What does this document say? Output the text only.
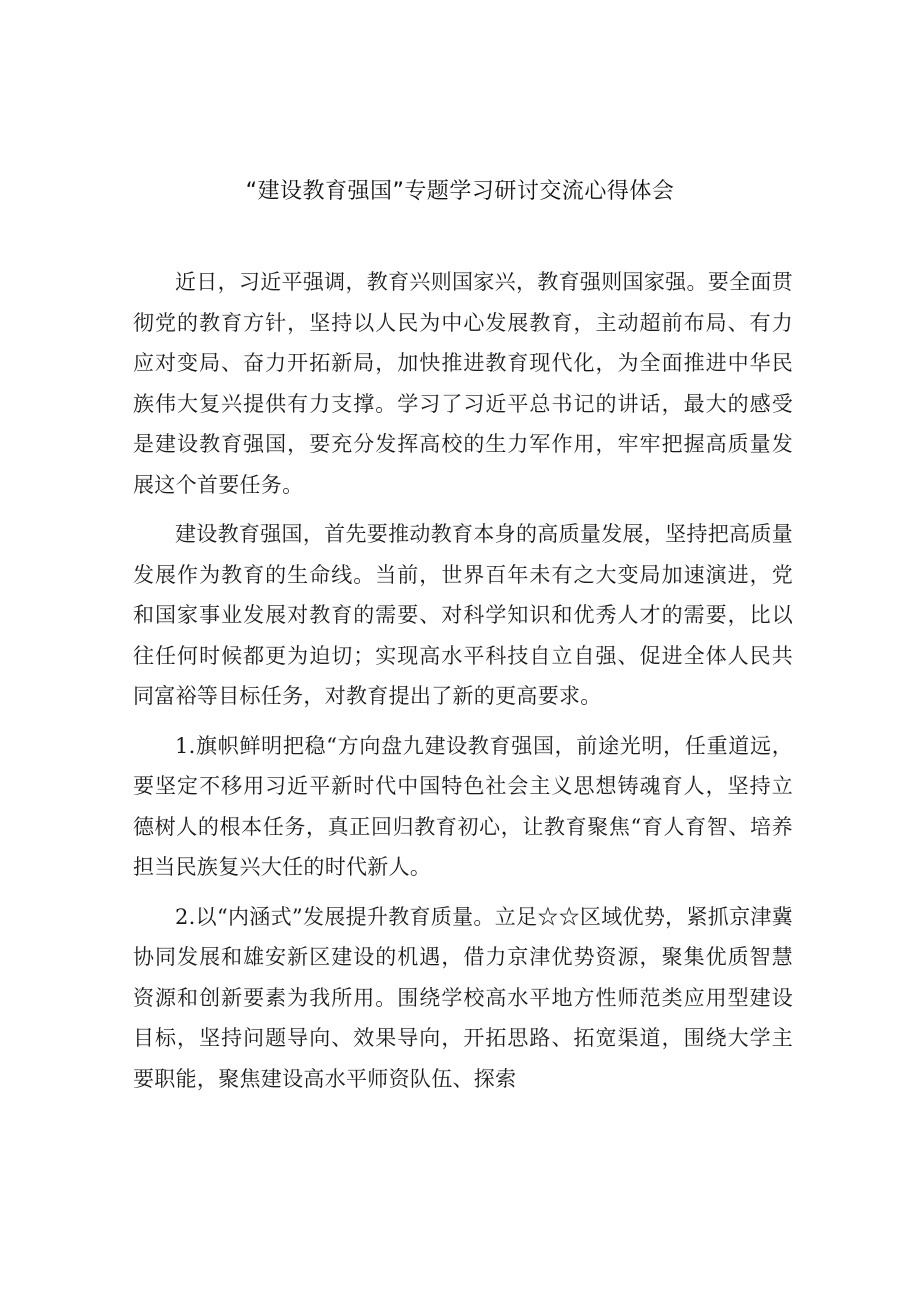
“建设教育强国”专题学习研讨交流心得体会

近日，习近平强调，教育兴则国家兴，教育强则国家强。要全面贯彻党的教育方针，坚持以人民为中心发展教育，主动超前布局、有力应对变局、奋力开拓新局，加快推进教育现代化，为全面推进中华民族伟大复兴提供有力支撑。学习了习近平总书记的讲话，最大的感受是建设教育强国，要充分发挥高校的生力军作用，牢牢把握高质量发展这个首要任务。

建设教育强国，首先要推动教育本身的高质量发展，坚持把高质量发展作为教育的生命线。当前，世界百年未有之大变局加速演进，党和国家事业发展对教育的需要、对科学知识和优秀人才的需要，比以往任何时候都更为迫切；实现高水平科技自立自强、促进全体人民共同富裕等目标任务，对教育提出了新的更高要求。

1.旗帜鲜明把稳“方向盘九建设教育强国，前途光明，任重道远，要坚定不移用习近平新时代中国特色社会主义思想铸魂育人，坚持立德树人的根本任务，真正回归教育初心，让教育聚焦“育人育智、培养担当民族复兴大任的时代新人。

2.以“内涵式”发展提升教育质量。立足☆☆区域优势，紧抓京津冀协同发展和雄安新区建设的机遇，借力京津优势资源，聚集优质智慧资源和创新要素为我所用。围绕学校高水平地方性师范类应用型建设目标，坚持问题导向、效果导向，开拓思路、拓宽渠道，围绕大学主要职能，聚焦建设高水平师资队伍、探索
